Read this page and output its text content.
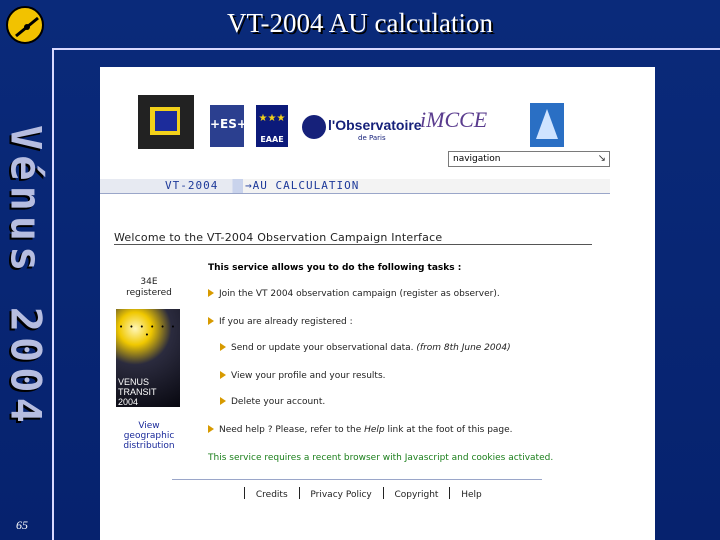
VT-2004 AU calculation
Vénus 2004
65
+ES+ ★★★
EAAE
l'Observatoire
de Paris
iMCCE
navigation	↘
VT-2004 →AU CALCULATION
Welcome to the VT-2004 Observation Campaign Interface
34E
registered
• • • • • • •
VENUS
TRANSIT
2004
View
geographic
distribution
This service allows you to do the following tasks :
Join the VT 2004 observation campaign (register as observer).
If you are already registered :
Send or update your observational data. (from 8th June 2004)
View your profile and your results.
Delete your account.
Need help ? Please, refer to the Help link at the foot of this page.
This service requires a recent browser with Javascript and cookies activated.
Credits	Privacy Policy	Copyright	Help
